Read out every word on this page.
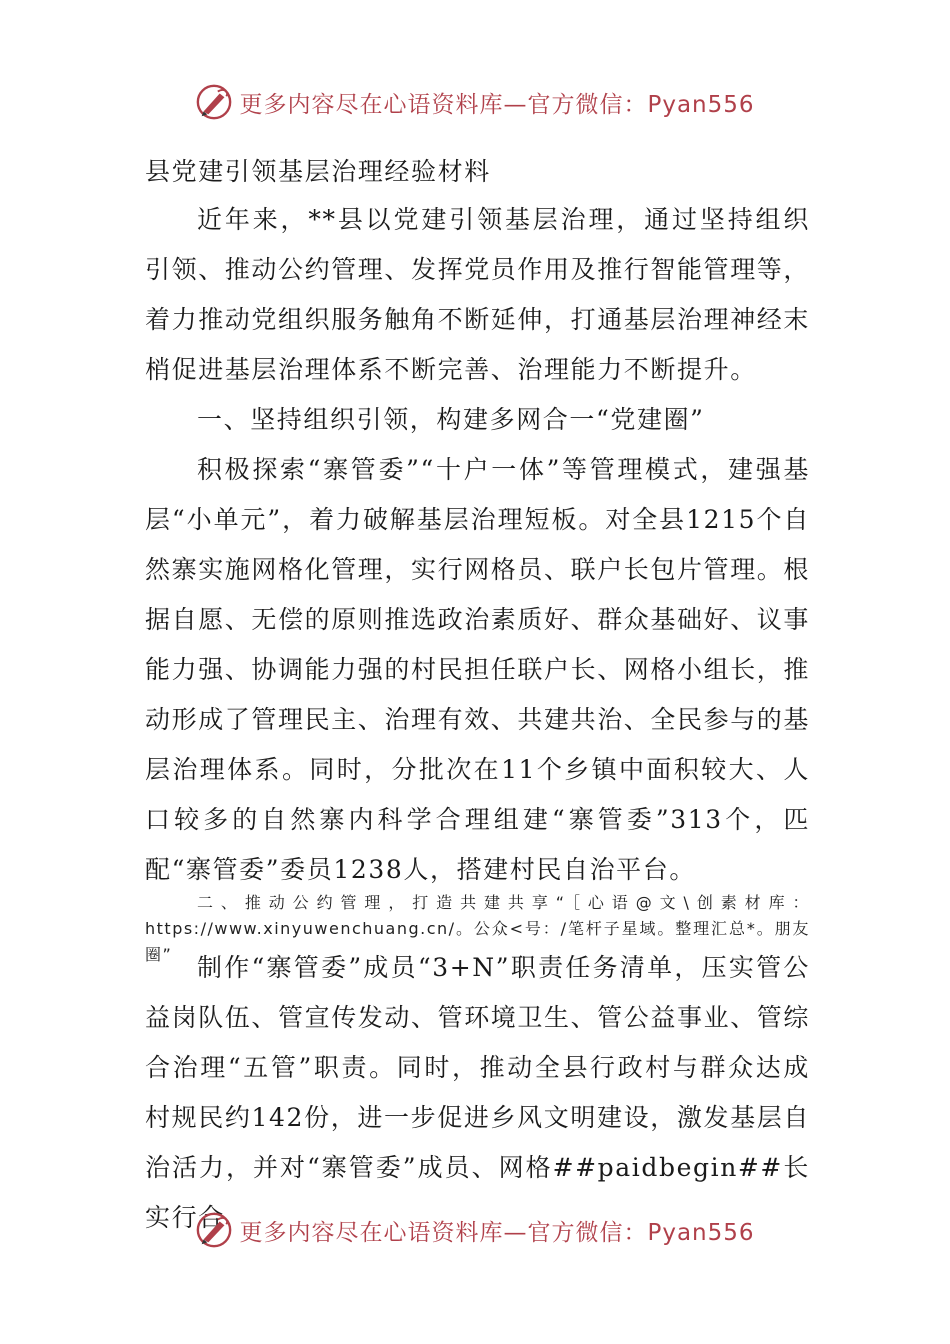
更多内容尽在心语资料库—官方微信：Pyan556

县党建引领基层治理经验材料

近年来，**县以党建引领基层治理，通过坚持组织引领、推动公约管理、发挥党员作用及推行智能管理等，着力推动党组织服务触角不断延伸，打通基层治理神经末梢促进基层治理体系不断完善、治理能力不断提升。

一、坚持组织引领，构建多网合一“党建圈”

积极探索“寨管委”“十户一体”等管理模式，建强基层“小单元”，着力破解基层治理短板。对全县1215个自然寨实施网格化管理，实行网格员、联户长包片管理。根据自愿、无偿的原则推选政治素质好、群众基础好、议事能力强、协调能力强的村民担任联户长、网格小组长，推动形成了管理民主、治理有效、共建共治、全民参与的基层治理体系。同时，分批次在11个乡镇中面积较大、人口较多的自然寨内科学合理组建“寨管委”313个，匹配“寨管委”委员1238人，搭建村民自治平台。

二、推动公约管理，打造共建共享“［心语@文\创素材库：https://www.xinyuwenchuang.cn/。公众<号：/笔杆子星域。整理汇总*。朋友圈” 制作“寨管委”成员“3+N”职责任务清单，压实管公益岗队伍、管宣传发动、管环境卫生、管公益事业、管综合治理“五管”职责。同时，推动全县行政村与群众达成村规民约142份，进一步促进乡风文明建设，激发基层自治活力，并对“寨管委”成员、网格##paidbegin##长实行合

更多内容尽在心语资料库—官方微信：Pyan556
